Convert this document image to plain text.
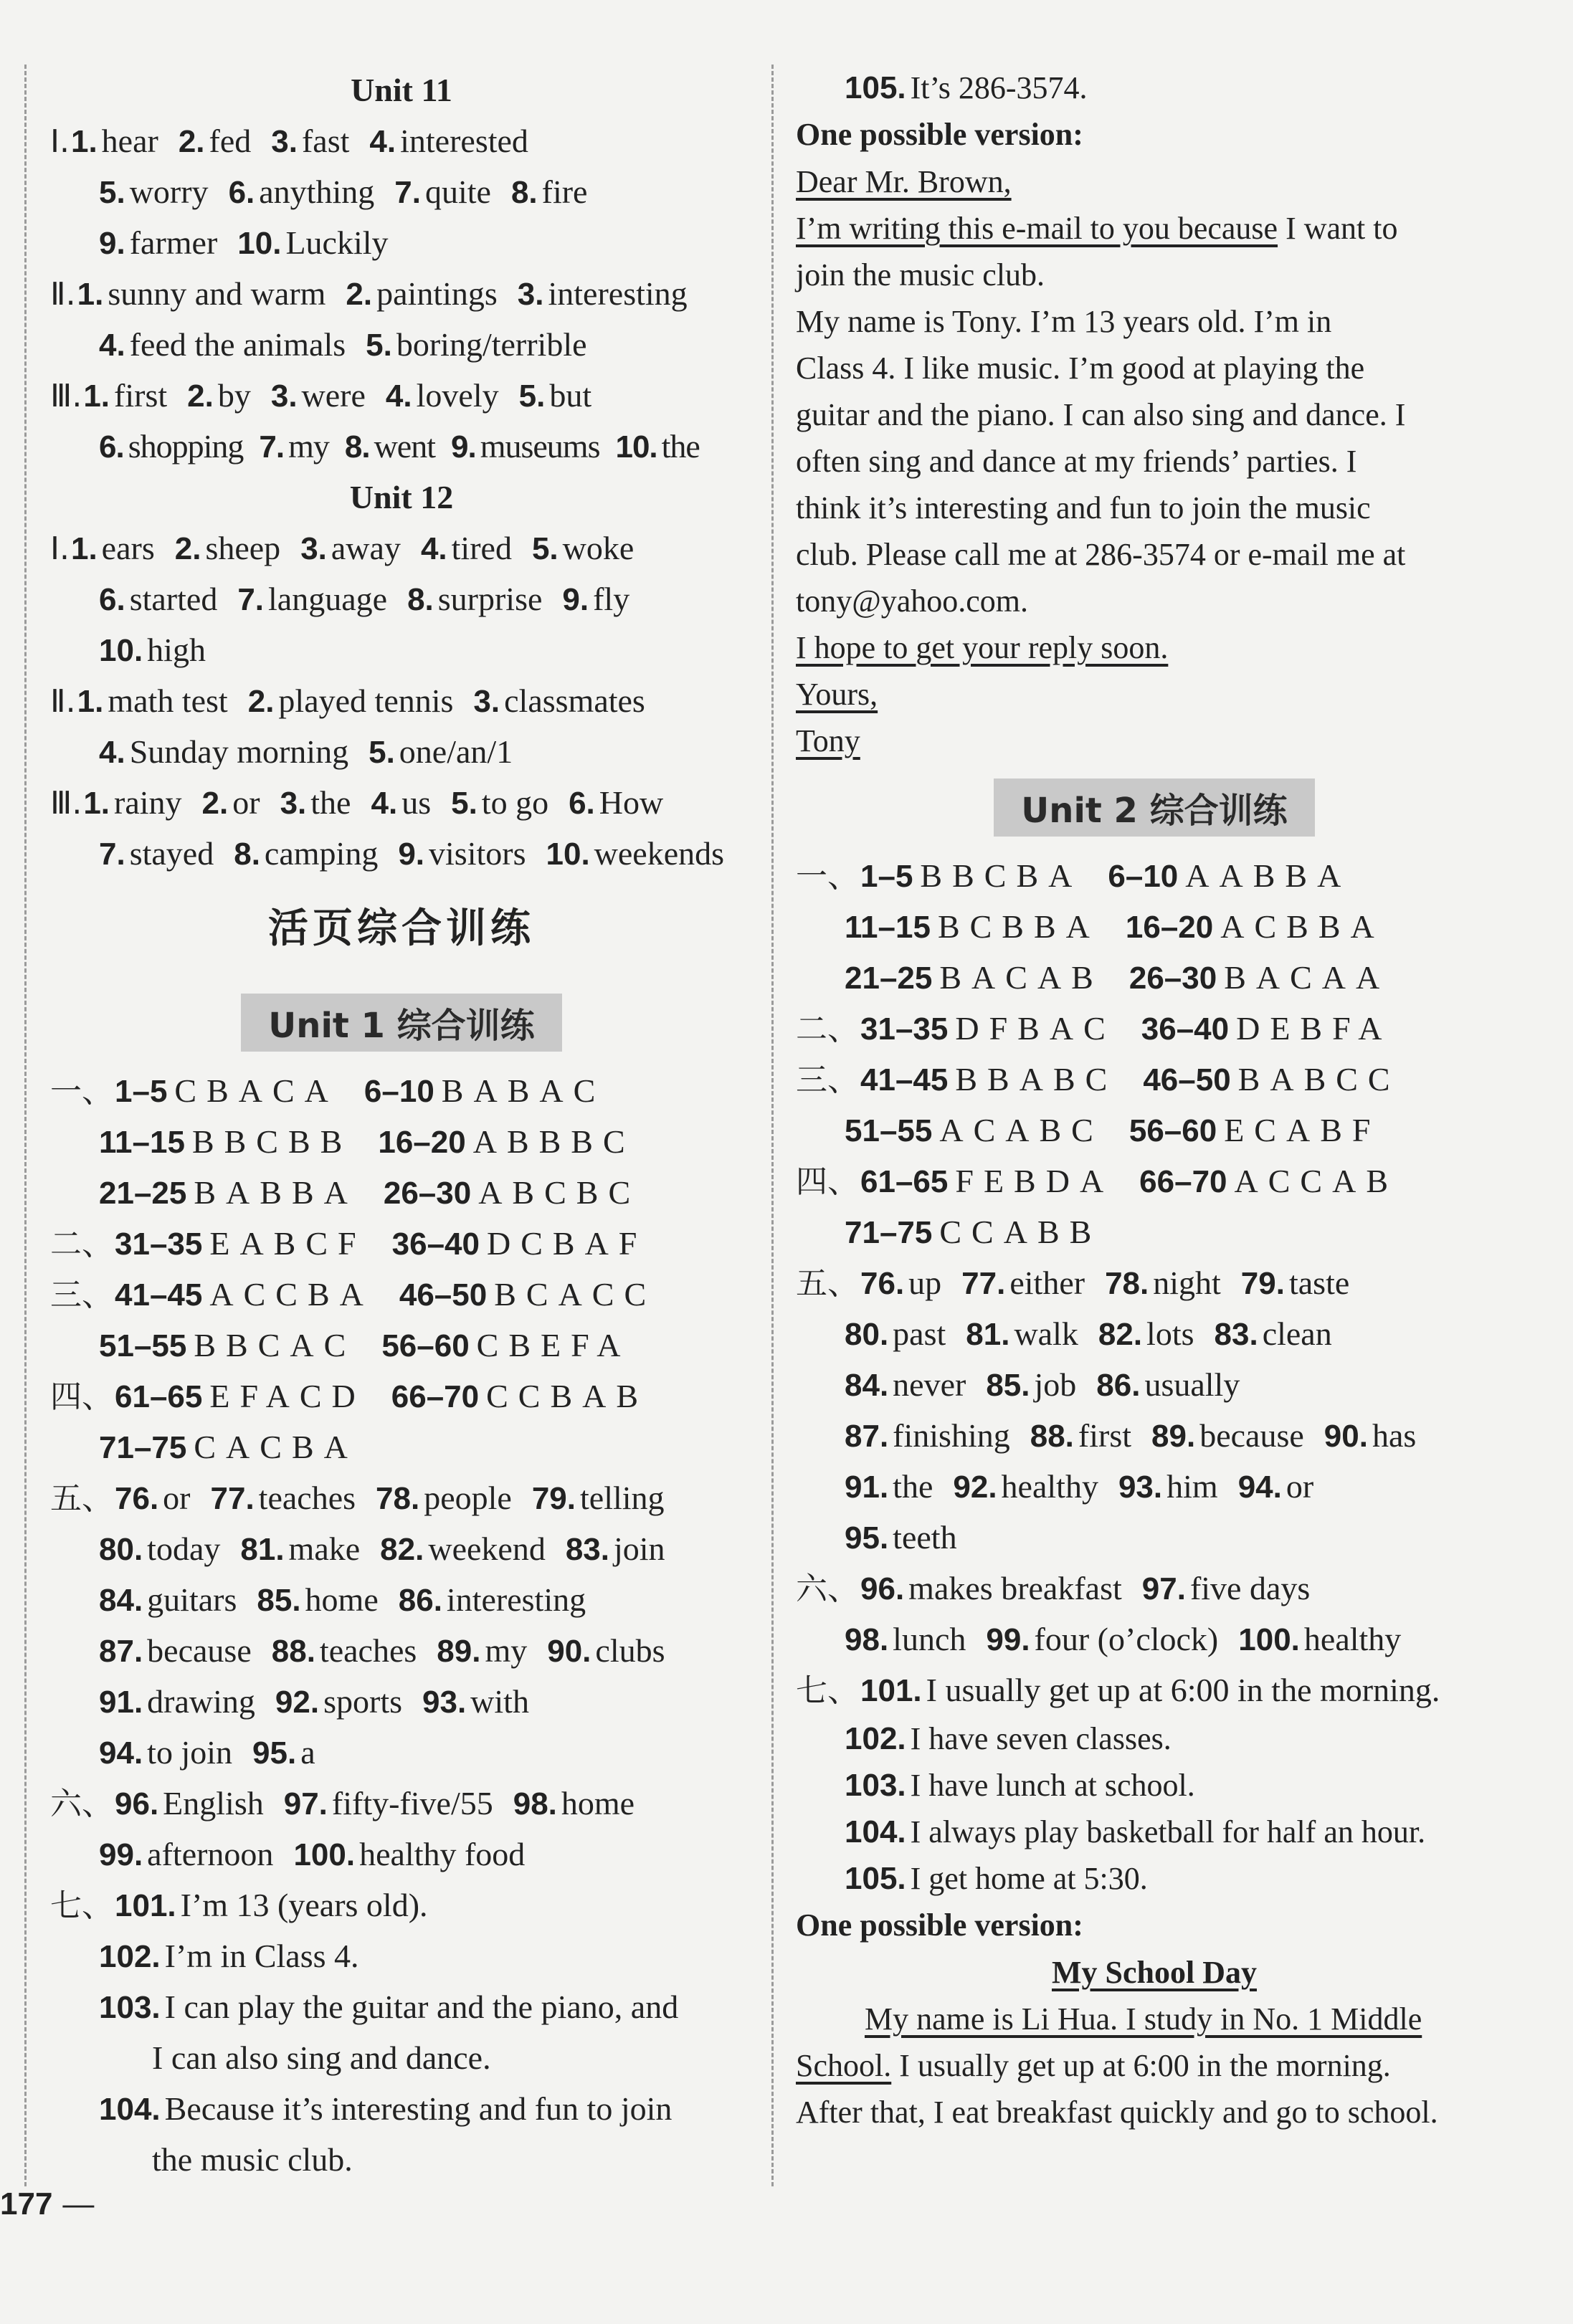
Unit 11
Ⅰ.1. hear 2. fed 3. fast 4. interested
5. worry 6. anything 7. quite 8. fire
9. farmer 10. Luckily
Ⅱ.1. sunny and warm 2. paintings 3. interesting
4. feed the animals 5. boring/terrible
Ⅲ.1. first 2. by 3. were 4. lovely 5. but
6. shopping 7. my 8. went 9. museums 10. the
Unit 12
Ⅰ.1. ears 2. sheep 3. away 4. tired 5. woke
6. started 7. language 8. surprise 9. fly
10. high
Ⅱ.1. math test 2. played tennis 3. classmates
4. Sunday morning 5. one/an/1
Ⅲ.1. rainy 2. or 3. the 4. us 5. to go 6. How
7. stayed 8. camping 9. visitors 10. weekends
活页综合训练
Unit 1 综合训练
一、1–5 CBACA 6–10 BABAC
11–15 BBCBB 16–20 ABBBC
21–25 BABBA 26–30 ABCBC
二、31–35 EABCF 36–40 DCBAF
三、41–45 ACCBA 46–50 BCACC
51–55 BBCAC 56–60 CBEFA
四、61–65 EFACD 66–70 CCBAB
71–75 CACBA
五、76. or 77. teaches 78. people 79. telling
80. today 81. make 82. weekend 83. join
84. guitars 85. home 86. interesting
87. because 88. teaches 89. my 90. clubs
91. drawing 92. sports 93. with
94. to join 95. a
六、96. English 97. fifty-five/55 98. home
99. afternoon 100. healthy food
七、101. I’m 13 (years old).
102. I’m in Class 4.
103. I can play the guitar and the piano, and
I can also sing and dance.
104. Because it’s interesting and fun to join
the music club.
105. It’s 286-3574.
One possible version:
Dear Mr. Brown,
I’m writing this e-mail to you because I want to
join the music club.
My name is Tony. I’m 13 years old. I’m in
Class 4. I like music. I’m good at playing the
guitar and the piano. I can also sing and dance. I
often sing and dance at my friends’ parties. I
think it’s interesting and fun to join the music
club. Please call me at 286-3574 or e-mail me at
tony@yahoo.com.
I hope to get your reply soon.
Yours,
Tony
Unit 2 综合训练
一、1–5 BBCBA 6–10 AABBA
11–15 BCBBA 16–20 ACBBA
21–25 BACAB 26–30 BACAA
二、31–35 DFBAC 36–40 DEBFA
三、41–45 BBABC 46–50 BABCC
51–55 ACABC 56–60 ECABF
四、61–65 FEBDA 66–70 ACCAB
71–75 CCABB
五、76. up 77. either 78. night 79. taste
80. past 81. walk 82. lots 83. clean
84. never 85. job 86. usually
87. finishing 88. first 89. because 90. has
91. the 92. healthy 93. him 94. or
95. teeth
六、96. makes breakfast 97. five days
98. lunch 99. four (o’clock) 100. healthy
七、101. I usually get up at 6:00 in the morning.
102. I have seven classes.
103. I have lunch at school.
104. I always play basketball for half an hour.
105. I get home at 5:30.
One possible version:
My School Day
My name is Li Hua. I study in No. 1 Middle
School. I usually get up at 6:00 in the morning.
After that, I eat breakfast quickly and go to school.
177 —
